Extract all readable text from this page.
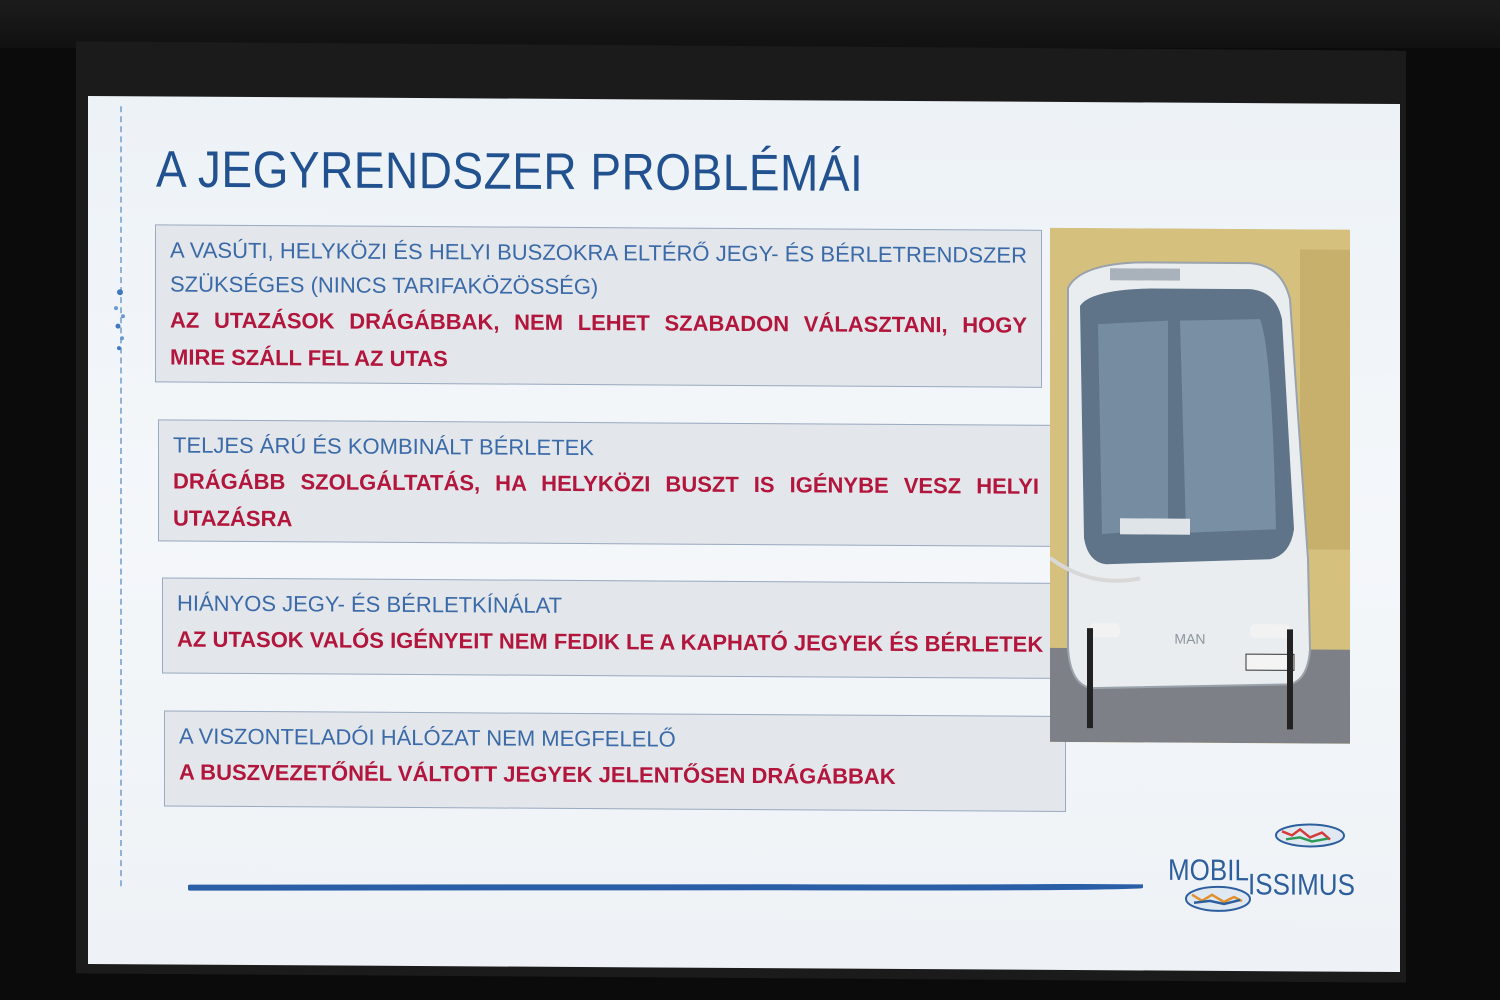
A JEGYRENDSZER PROBLÉMÁI
A VASÚTI, HELYKÖZI ÉS HELYI BUSZOKRA ELTÉRŐ JEGY- ÉS BÉRLETRENDSZER SZÜKSÉGES (NINCS TARIFAKÖZÖSSÉG)
AZ UTAZÁSOK DRÁGÁBBAK, NEM LEHET SZABADON VÁLASZTANI, HOGY MIRE SZÁLL FEL AZ UTAS
TELJES ÁRÚ ÉS KOMBINÁLT BÉRLETEK
DRÁGÁBB SZOLGÁLTATÁS, HA HELYKÖZI BUSZT IS IGÉNYBE VESZ HELYI UTAZÁSRA
HIÁNYOS JEGY- ÉS BÉRLETKÍNÁLAT
AZ UTASOK VALÓS IGÉNYEIT NEM FEDIK LE A KAPHATÓ JEGYEK ÉS BÉRLETEK
A VISZONTELADÓI HÁLÓZAT NEM MEGFELELŐ
A BUSZVEZETŐNÉL VÁLTOTT JEGYEK JELENTŐSEN DRÁGÁBBAK
MAN
MOBIL ISSIMUS
